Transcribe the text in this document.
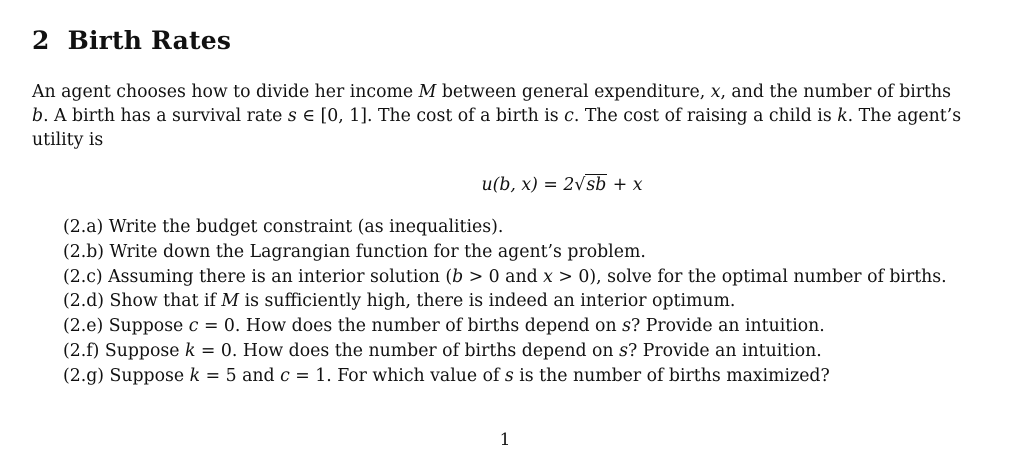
2 Birth Rates

An agent chooses how to divide her income M between general expenditure, x, and the number of births
b. A birth has a survival rate s ∈ [0, 1]. The cost of a birth is c. The cost of raising a child is k. The agent’s
utility is

u(b, x) = 2√sb + x
(2.a) Write the budget constraint (as inequalities).
(2.b) Write down the Lagrangian function for the agent’s problem.
(2.c) Assuming there is an interior solution (b > 0 and x > 0), solve for the optimal number of births.
(2.d) Show that if M is sufficiently high, there is indeed an interior optimum.
(2.e) Suppose c = 0. How does the number of births depend on s? Provide an intuition.
(2.f) Suppose k = 0. How does the number of births depend on s? Provide an intuition.
(2.g) Suppose k = 5 and c = 1. For which value of s is the number of births maximized?
1
